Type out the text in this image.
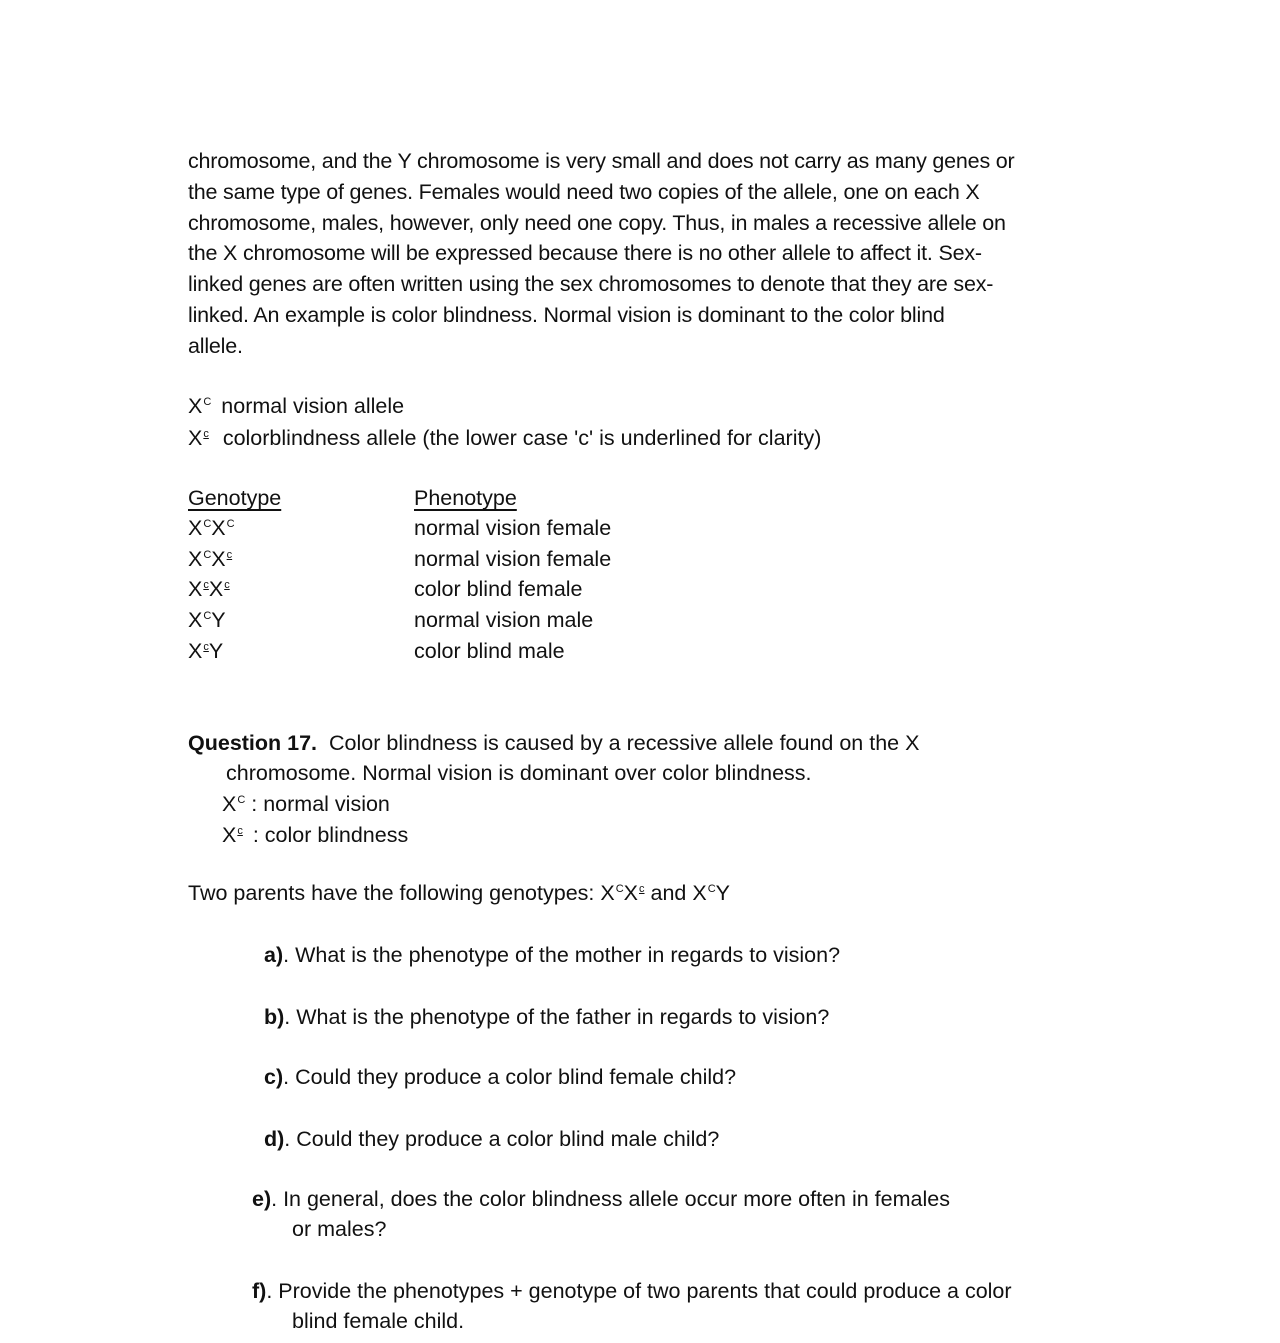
chromosome, and the Y chromosome is very small and does not carry as many genes or
the same type of genes. Females would need two copies of the allele, one on each X
chromosome, males, however, only need one copy. Thus, in males a recessive allele on
the X chromosome will be expressed because there is no other allele to affect it. Sex-
linked genes are often written using the sex chromosomes to denote that they are sex-
linked. An example is color blindness. Normal vision is dominant to the color blind
allele.
$X^C$ normal vision allele
$X^c$ colorblindness allele (the lower case 'c' is underlined for clarity)
Genotype	Phenotype
$X^CX^C$	normal vision female
$X^CX^c$	normal vision female
$X^cX^c$	color blind female
$X^CY$	normal vision male
$X^cY$	color blind male
Question 17. Color blindness is caused by a recessive allele found on the X
chromosome. Normal vision is dominant over color blindness.
$X^C$ : normal vision
$X^c$ : color blindness
Two parents have the following genotypes: $X^CX^c$ and $X^CY$
a). What is the phenotype of the mother in regards to vision?
b). What is the phenotype of the father in regards to vision?
c). Could they produce a color blind female child?
d). Could they produce a color blind male child?
e). In general, does the color blindness allele occur more often in females
or males?
f). Provide the phenotypes + genotype of two parents that could produce a color
blind female child.
